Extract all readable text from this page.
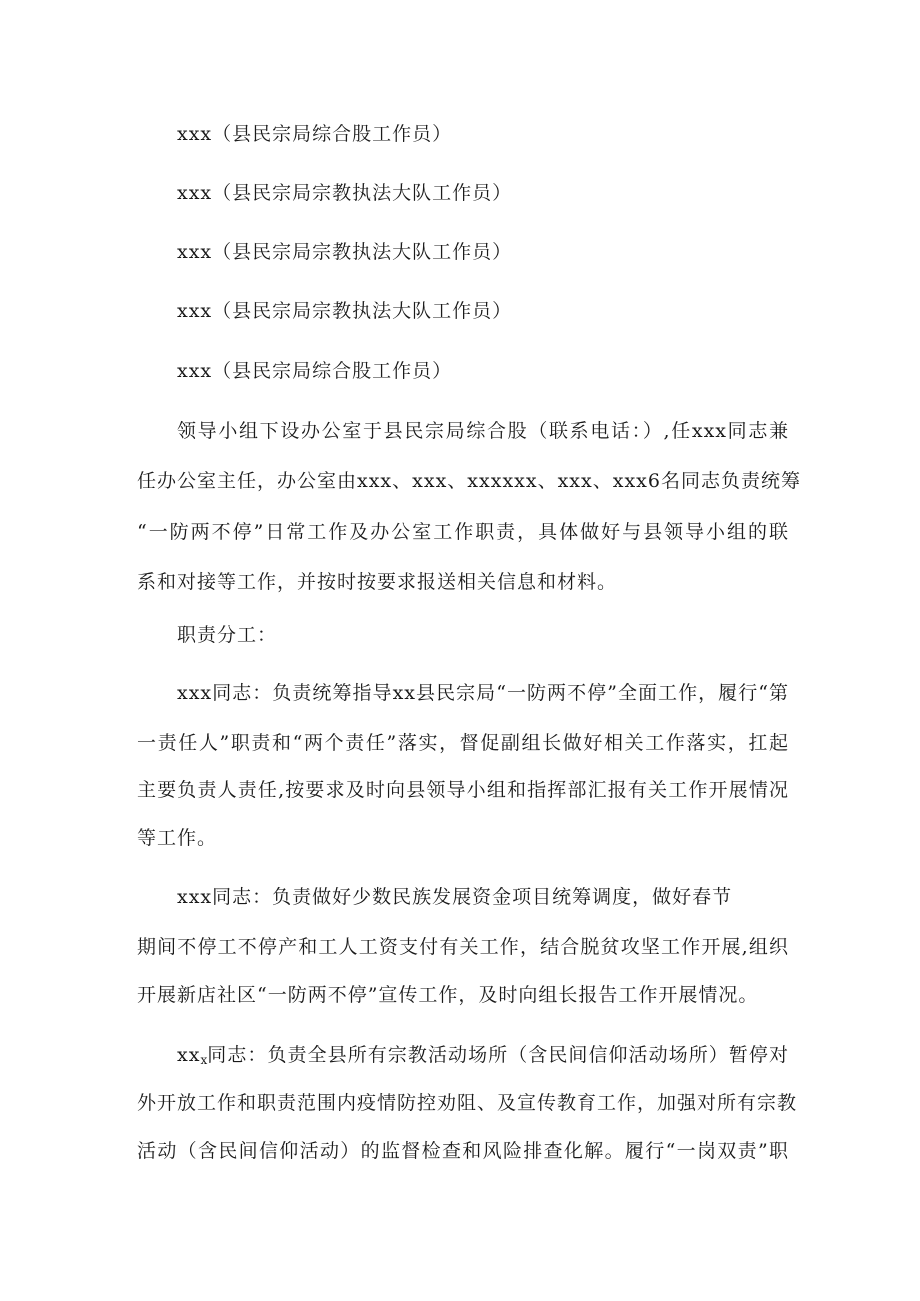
xxx（县民宗局综合股工作员）
xxx（县民宗局宗教执法大队工作员）
xxx（县民宗局宗教执法大队工作员）
xxx（县民宗局宗教执法大队工作员）
xxx（县民宗局综合股工作员）
领导小组下设办公室于县民宗局综合股（联系电话：）,任xxx同志兼
任办公室主任，办公室由xxx、xxx、xxxxxx、xxx、xxx6名同志负责统筹
“一防两不停”日常工作及办公室工作职责，具体做好与县领导小组的联
系和对接等工作，并按时按要求报送相关信息和材料。
职责分工：
xxx同志：负责统筹指导xx县民宗局“一防两不停”全面工作，履行“第
一责任人”职责和“两个责任”落实，督促副组长做好相关工作落实，扛起
主要负责人责任,按要求及时向县领导小组和指挥部汇报有关工作开展情况
等工作。
xxx同志：负责做好少数民族发展资金项目统筹调度，做好春节
期间不停工不停产和工人工资支付有关工作，结合脱贫攻坚工作开展,组织
开展新店社区“一防两不停”宣传工作，及时向组长报告工作开展情况。
$xx_x$同志：负责全县所有宗教活动场所（含民间信仰活动场所）暂停对
外开放工作和职责范围内疫情防控劝阻、及宣传教育工作，加强对所有宗教
活动（含民间信仰活动）的监督检查和风险排查化解。履行“一岗双责”职
